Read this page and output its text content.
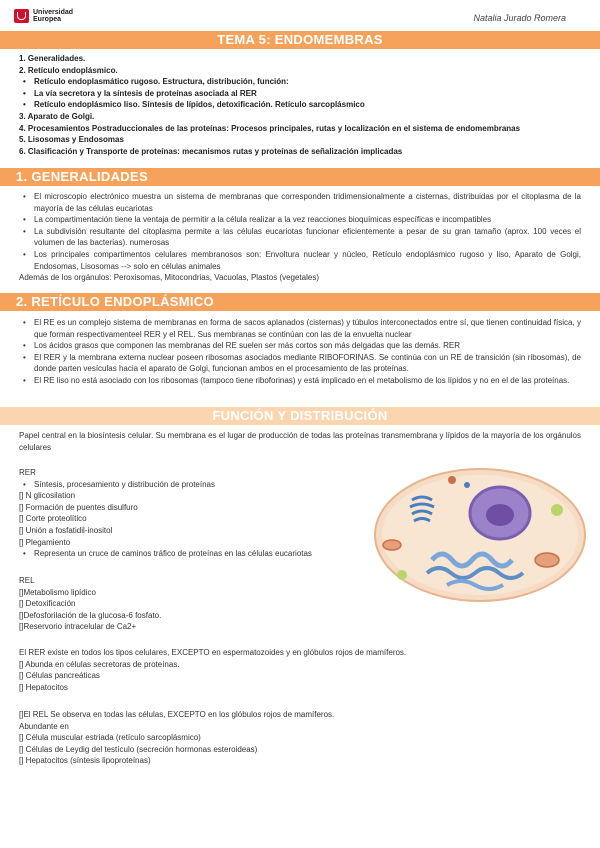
Universidad
Europea	Natalia Jurado Romera
TEMA 5: ENDOMEMBRAS

1. Generalidades.

2. Retículo endoplásmico.

• Retículo endoplasmático rugoso. Estructura, distribución, función:

• La vía secretora y la síntesis de proteínas asociada al RER

• Retículo endoplásmico liso. Síntesis de lípidos, detoxificación. Retículo sarcoplásmico

3. Aparato de Golgi.

4. Procesamientos Postraduccionales de las proteínas: Procesos principales, rutas y localización en el sistema de endomembranas

5. Lisosomas y Endosomas

6. Clasificación y Transporte de proteínas: mecanismos rutas y proteínas de señalización implicadas

1. GENERALIDADES

• El microscopio electrónico muestra un sistema de membranas que corresponden tridimensionalmente a cisternas, distribuidas por el citoplasma de la mayoría de las células eucariotas

• La compartimentación tiene la ventaja de permitir a la célula realizar a la vez reacciones bioquímicas específicas e incompatibles

• La subdivisión resultante del citoplasma permite a las células eucariotas funcionar eficientemente a pesar de su gran tamaño (aprox. 100 veces el volumen de las bacterias). numerosas

• Los principales compartimentos celulares membranosos son: Envoltura nuclear y núcleo, Retículo endoplásmico rugoso y liso, Aparato de Golgi, Endosomas, Lisosomas --> solo en células animales

Además de los orgánulos: Peroxisomas, Mitocondrias, Vacuolas, Plastos (vegetales)

2. RETÍCULO ENDOPLÁSMICO

• El RE es un complejo sistema de membranas en forma de sacos aplanados (cisternas) y túbulos interconectados entre sí, que tienen continuidad física, y que forman respectivamenteel RER y el REL. Sus membranas se continúan con las de la envuelta nuclear

• Los ácidos grasos que componen las membranas del RE suelen ser más cortos son más delgadas que las demás. RER

• El RER y la membrana externa nuclear poseen ribosomas asociados mediante RIBOFORINAS. Se continúa con un RE de transición (sin ribosomas), de donde parten vesículas hacia el aparato de Golgi, funcionan ambos en el procesamiento de las proteínas.

• El RE liso no está asociado con los ribosomas (tampoco tiene riboforinas) y está implicado en el metabolismo de los lípidos y no en el de las proteínas.

FUNCIÓN Y DISTRIBUCIÓN

Papel central en la biosíntesis celular. Su membrana es el lugar de producción de todas las proteínas transmembrana y lípidos de la mayoría de los orgánulos celulares

RER

• Síntesis, procesamiento y distribución de proteínas

[] N glicosilation

[] Formación de puentes disulfuro

[] Corte proteolítico

[] Unión a fosfatidil-inositol

[] Plegamiento

• Representa un cruce de caminos tráfico de proteínas en las células eucariotas

REL

[]Metabolismo lipídico

[] Detoxificación

[]Defosforilación de la glucosa-6 fosfato.

[]Reservorio intracelular de Ca2+

El RER existe en todos los tipos celulares, EXCEPTO en espermatozoides y en glóbulos rojos de mamíferos.

[] Abunda en células secretoras de proteínas.

[] Células pancreáticas

[] Hepatocitos

[]El REL Se observa en todas las células, EXCEPTO en los glóbulos rojos de mamíferos.

Abundante en

[] Célula muscular estriada (retículo sarcoplásmico)

[] Células de Leydig del testículo (secreción hormonas esteroideas)

[] Hepatocitos (síntesis lipoproteínas)
